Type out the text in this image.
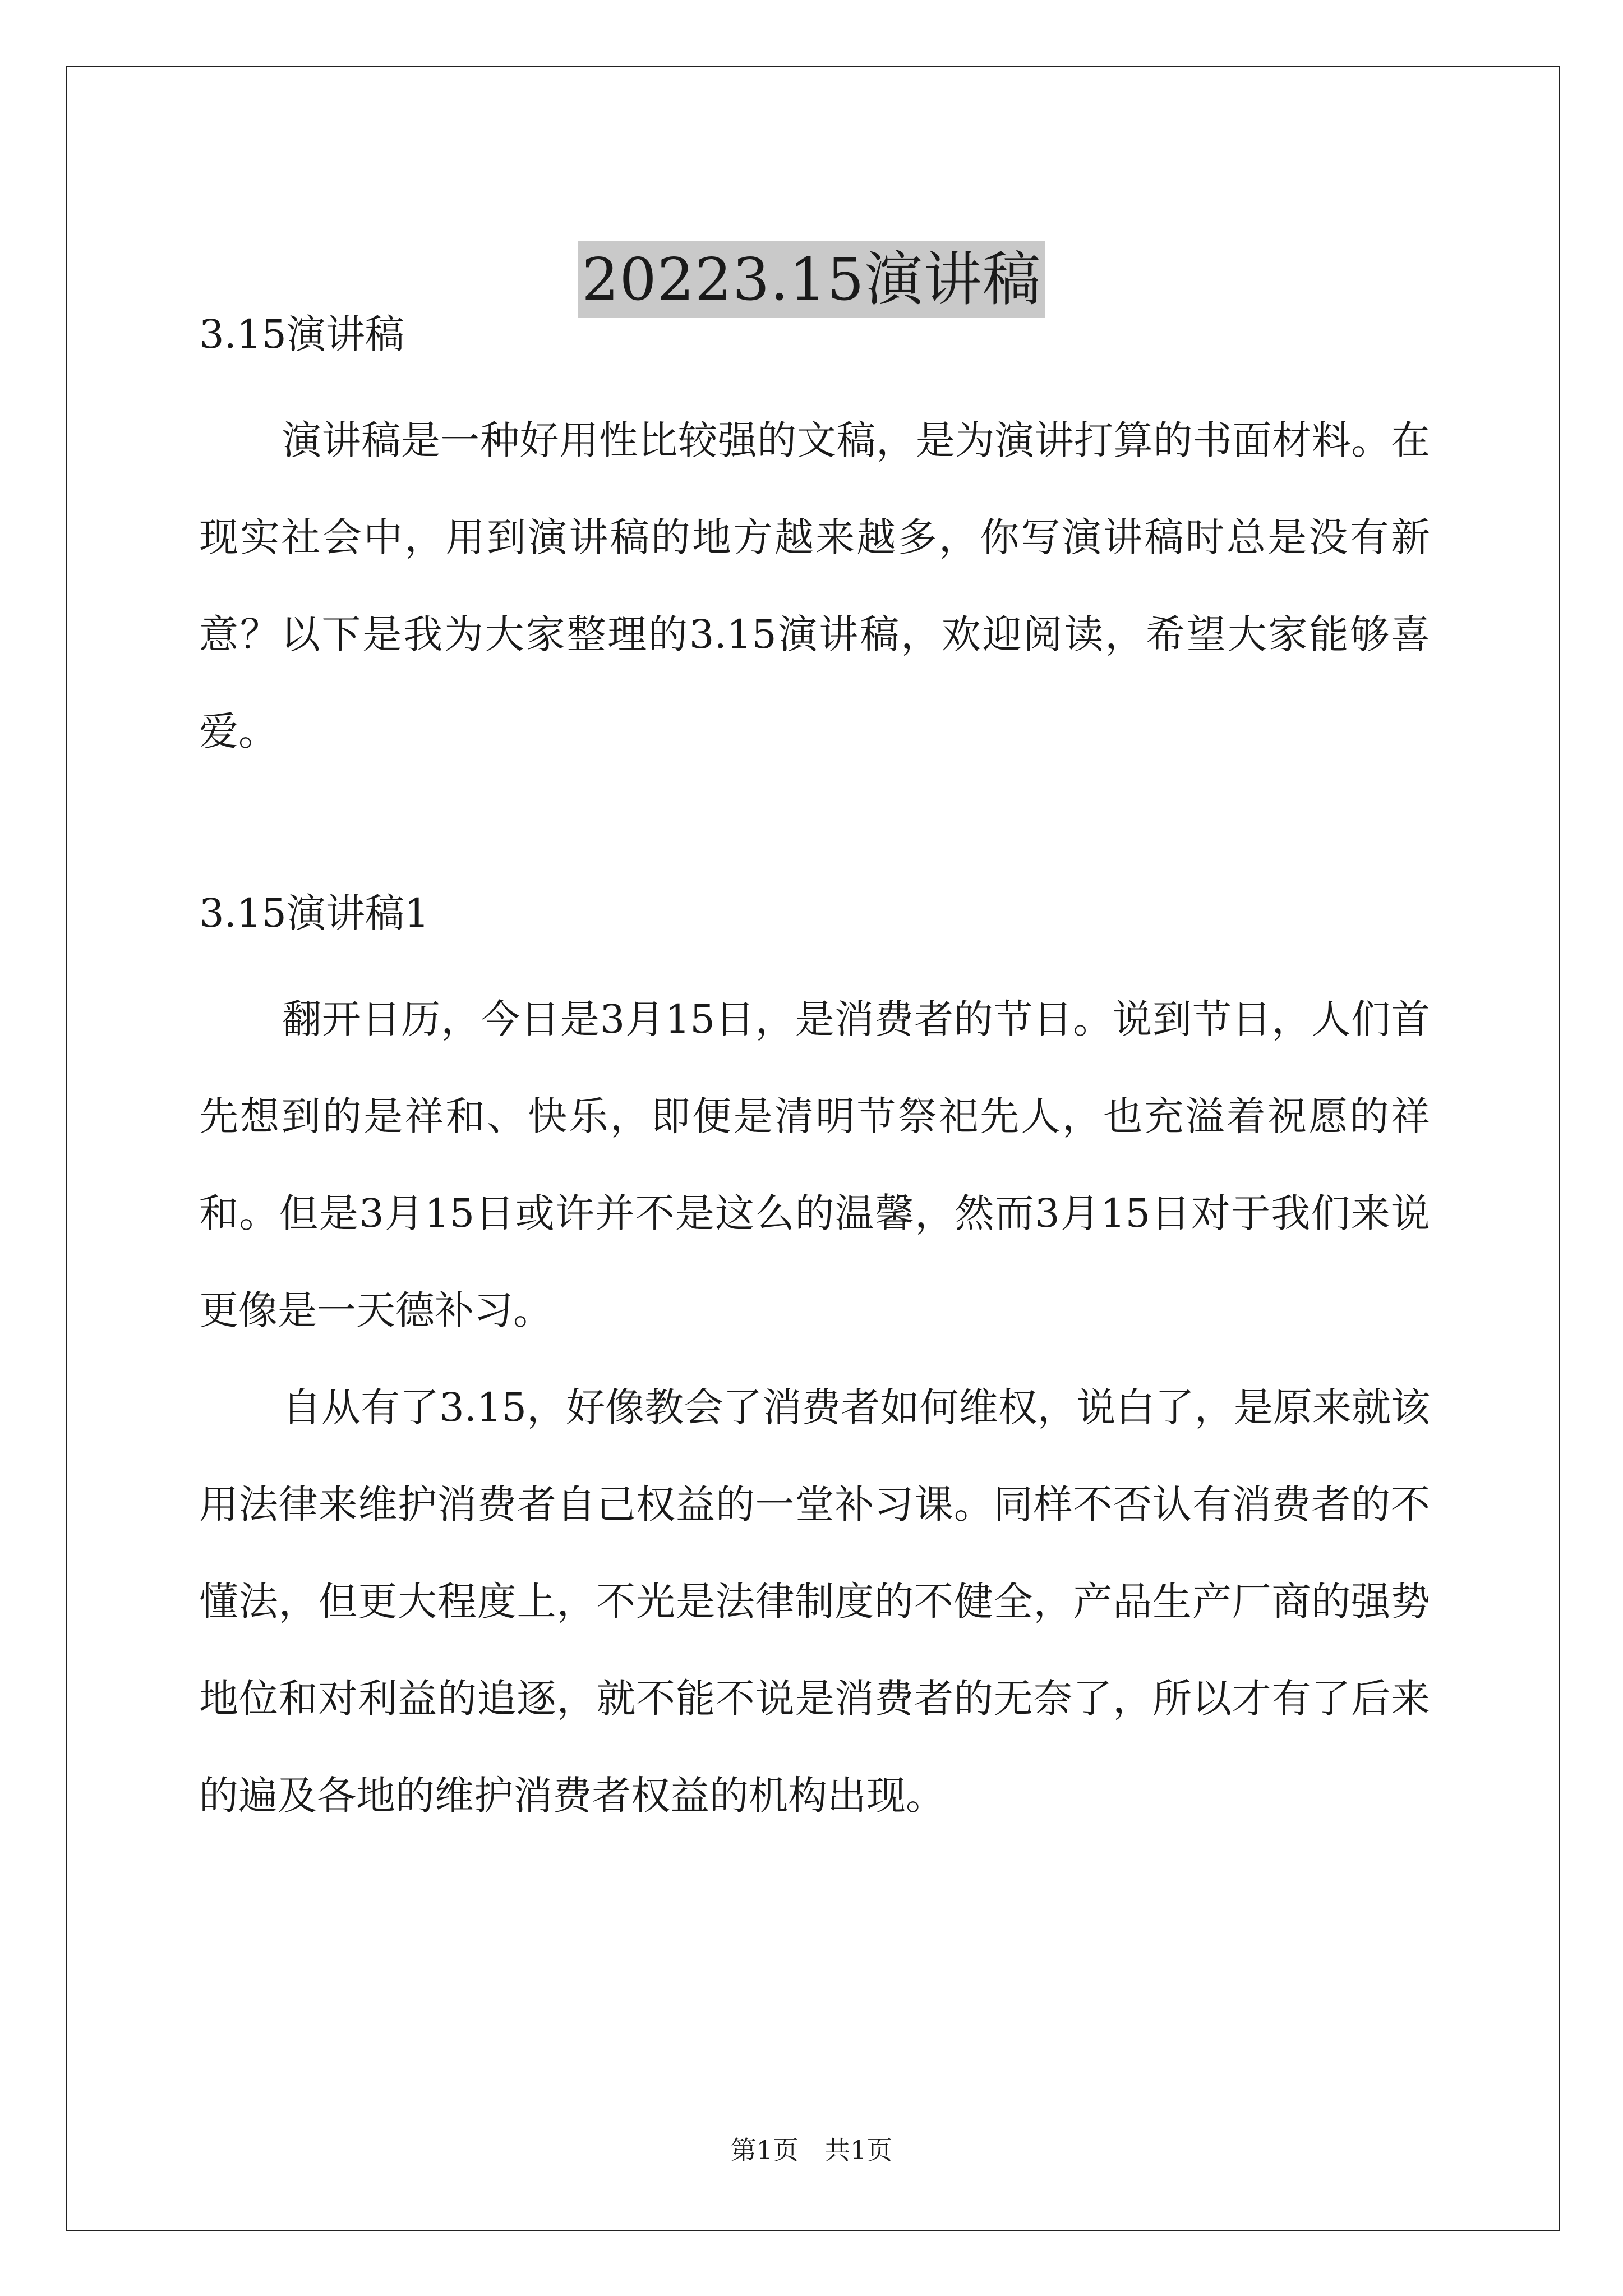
20223.15演讲稿

3.15演讲稿

演讲稿是一种好用性比较强的文稿，是为演讲打算的书面材料。在现实社会中，用到演讲稿的地方越来越多，你写演讲稿时总是没有新意？以下是我为大家整理的3.15演讲稿，欢迎阅读，希望大家能够喜爱。

3.15演讲稿1

翻开日历，今日是3月15日，是消费者的节日。说到节日，人们首先想到的是祥和、快乐，即便是清明节祭祀先人，也充溢着祝愿的祥和。但是3月15日或许并不是这么的温馨，然而3月15日对于我们来说更像是一天德补习。

自从有了3.15，好像教会了消费者如何维权，说白了，是原来就该用法律来维护消费者自己权益的一堂补习课。同样不否认有消费者的不懂法，但更大程度上，不光是法律制度的不健全，产品生产厂商的强势地位和对利益的追逐，就不能不说是消费者的无奈了，所以才有了后来的遍及各地的维护消费者权益的机构出现。

第1页　共1页
